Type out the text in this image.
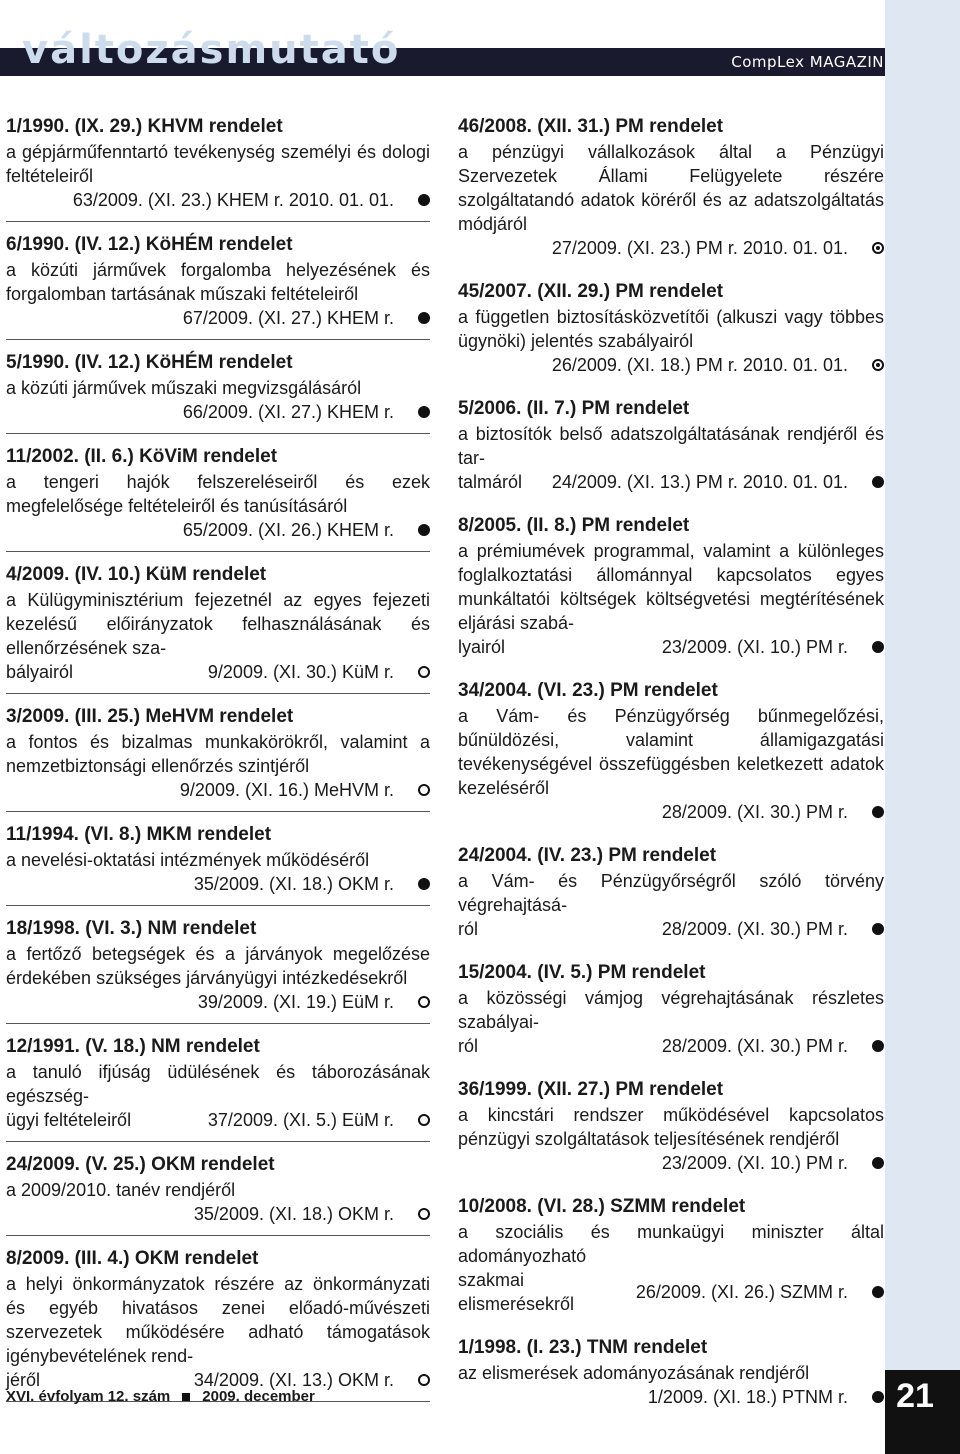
változásmutató	CompLex MAGAZIN
1/1990. (IX. 29.) KHVM rendelet
a gépjárműfenntartó tevékenység személyi és dologi feltételeiről
63/2009. (XI. 23.) KHEM r. 2010. 01. 01.
6/1990. (IV. 12.) KöHÉM rendelet
a közúti járművek forgalomba helyezésének és forgalomban tartásának műszaki feltételeiről
67/2009. (XI. 27.) KHEM r.
5/1990. (IV. 12.) KöHÉM rendelet
a közúti járművek műszaki megvizsgálásáról
66/2009. (XI. 27.) KHEM r.
11/2002. (II. 6.) KöViM rendelet
a tengeri hajók felszereléseiről és ezek megfelelősége feltételeiről és tanúsításáról
65/2009. (XI. 26.) KHEM r.
4/2009. (IV. 10.) KüM rendelet
a Külügyminisztérium fejezetnél az egyes fejezeti kezelésű előirányzatok felhasználásának és ellenőrzésének sza-
bályairól	9/2009. (XI. 30.) KüM r.
3/2009. (III. 25.) MeHVM rendelet
a fontos és bizalmas munkakörökről, valamint a nemzetbiztonsági ellenőrzés szintjéről
9/2009. (XI. 16.) MeHVM r.
11/1994. (VI. 8.) MKM rendelet
a nevelési-oktatási intézmények működéséről
35/2009. (XI. 18.) OKM r.
18/1998. (VI. 3.) NM rendelet
a fertőző betegségek és a járványok megelőzése érdekében szükséges járványügyi intézkedésekről
39/2009. (XI. 19.) EüM r.
12/1991. (V. 18.) NM rendelet
a tanuló ifjúság üdülésének és táborozásának egészség-
ügyi feltételeiről	37/2009. (XI. 5.) EüM r.
24/2009. (V. 25.) OKM rendelet
a 2009/2010. tanév rendjéről
35/2009. (XI. 18.) OKM r.
8/2009. (III. 4.) OKM rendelet
a helyi önkormányzatok részére az önkormányzati és egyéb hivatásos zenei előadó-művészeti szervezetek működésére adható támogatások igénybevételének rend-
jéről	34/2009. (XI. 13.) OKM r.
46/2008. (XII. 31.) PM rendelet
a pénzügyi vállalkozások által a Pénzügyi Szervezetek Állami Felügyelete részére szolgáltatandó adatok köréről és az adatszolgáltatás módjáról
27/2009. (XI. 23.) PM r. 2010. 01. 01.
45/2007. (XII. 29.) PM rendelet
a független biztosításközvetítői (alkuszi vagy többes ügynöki) jelentés szabályairól
26/2009. (XI. 18.) PM r. 2010. 01. 01.
5/2006. (II. 7.) PM rendelet
a biztosítók belső adatszolgáltatásának rendjéről és tar-
talmáról 24/2009. (XI. 13.) PM r. 2010. 01. 01.
8/2005. (II. 8.) PM rendelet
a prémiumévek programmal, valamint a különleges foglalkoztatási állománnyal kapcsolatos egyes munkáltatói költségek költségvetési megtérítésének eljárási szabá-
lyairól	23/2009. (XI. 10.) PM r.
34/2004. (VI. 23.) PM rendelet
a Vám- és Pénzügyőrség bűnmegelőzési, bűnüldözési, valamint államigazgatási tevékenységével összefüggésben keletkezett adatok kezeléséről
28/2009. (XI. 30.) PM r.
24/2004. (IV. 23.) PM rendelet
a Vám- és Pénzügyőrségről szóló törvény végrehajtásá-
ról	28/2009. (XI. 30.) PM r.
15/2004. (IV. 5.) PM rendelet
a közösségi vámjog végrehajtásának részletes szabályai-
ról	28/2009. (XI. 30.) PM r.
36/1999. (XII. 27.) PM rendelet
a kincstári rendszer működésével kapcsolatos pénzügyi szolgáltatások teljesítésének rendjéről
23/2009. (XI. 10.) PM r.
10/2008. (VI. 28.) SZMM rendelet
a szociális és munkaügyi miniszter által adományozható
szakmai elismerésekről
26/2009. (XI. 26.) SZMM r.
1/1998. (I. 23.) TNM rendelet
az elismerések adományozásának rendjéről
1/2009. (XI. 18.) PTNM r.
XVI. évfolyam 12. szám 2009. december	21
